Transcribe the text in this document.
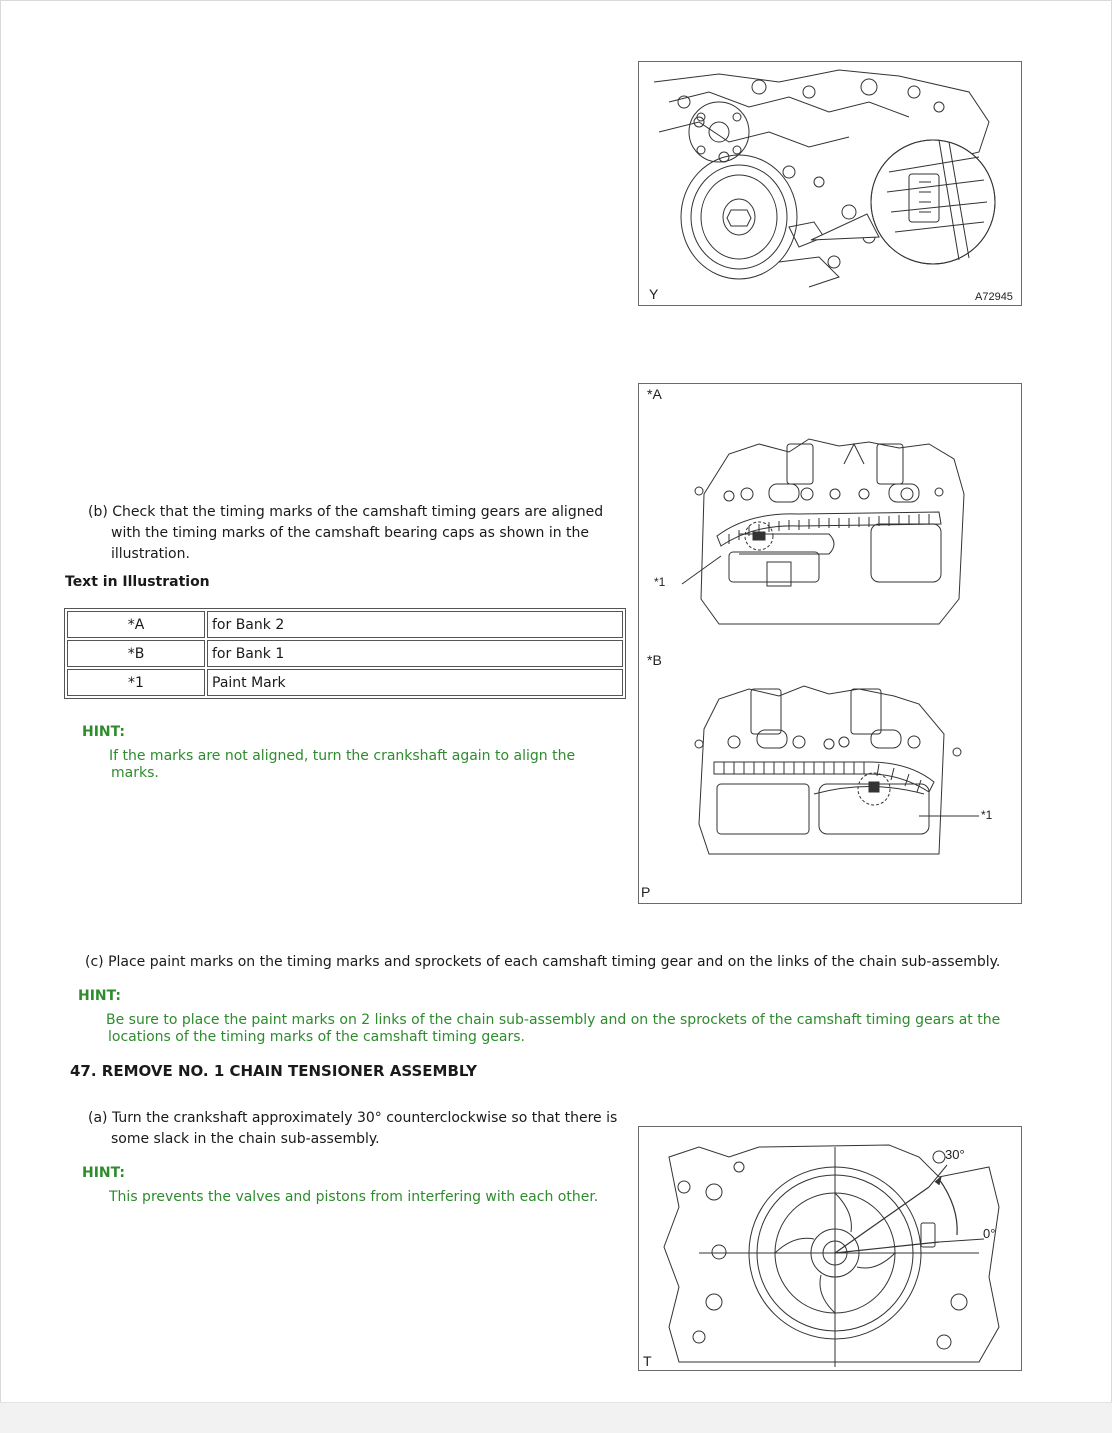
Y	A72945
*A
*1
*B
*1
P
30°
0°
T
(b) Check that the timing marks of the camshaft timing gears are aligned
with the timing marks of the camshaft bearing caps as shown in the
illustration.
Text in Illustration
*A	for Bank 2
*B	for Bank 1
*1	Paint Mark
HINT:
If the marks are not aligned, turn the crankshaft again to align the
marks.
(c) Place paint marks on the timing marks and sprockets of each camshaft timing gear and on the links of the chain sub-assembly.
HINT:
Be sure to place the paint marks on 2 links of the chain sub-assembly and on the sprockets of the camshaft timing gears at the
locations of the timing marks of the camshaft timing gears.
47. REMOVE NO. 1 CHAIN TENSIONER ASSEMBLY
(a) Turn the crankshaft approximately 30° counterclockwise so that there is
some slack in the chain sub-assembly.
HINT:
This prevents the valves and pistons from interfering with each other.
